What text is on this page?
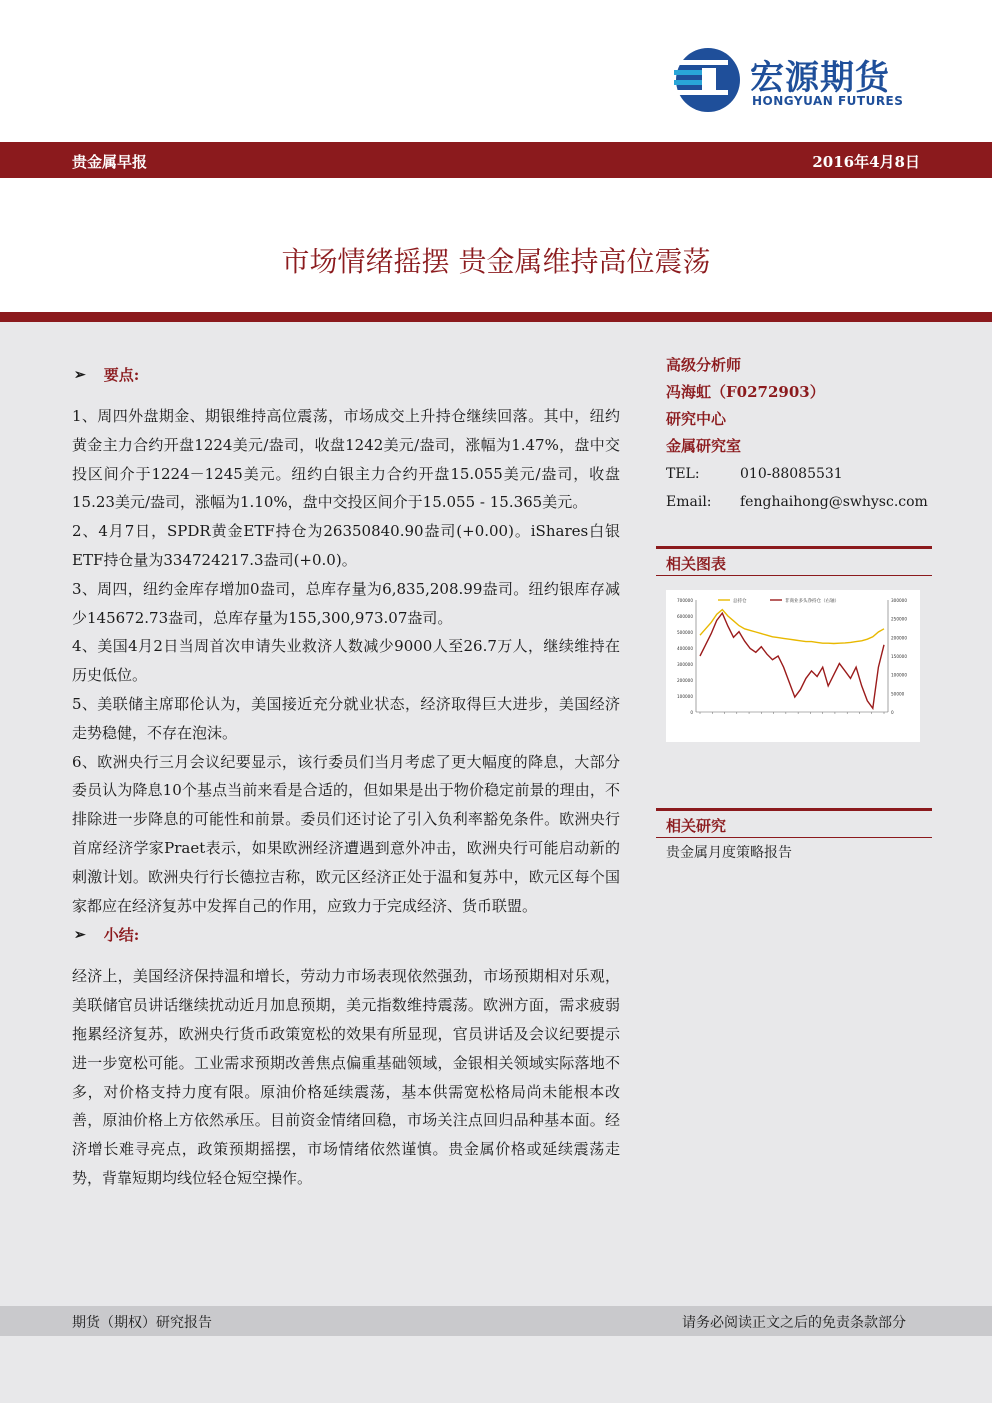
宏源期货
HONGYUAN FUTURES
贵金属早报	2016年4月8日
市场情绪摇摆 贵金属维持高位震荡
➢ 要点:

1、周四外盘期金、期银维持高位震荡，市场成交上升持仓继续回落。其中，纽约黄金主力合约开盘1224美元/盎司，收盘1242美元/盎司，涨幅为1.47%，盘中交投区间介于1224－1245美元。纽约白银主力合约开盘15.055美元/盎司，收盘15.23美元/盎司，涨幅为1.10%，盘中交投区间介于15.055 - 15.365美元。

2、4月7日，SPDR黄金ETF持仓为26350840.90盎司(+0.00)。iShares白银ETF持仓量为334724217.3盎司(+0.0)。

3、周四，纽约金库存增加0盎司，总库存量为6,835,208.99盎司。纽约银库存减少145672.73盎司，总库存量为155,300,973.07盎司。

4、美国4月2日当周首次申请失业救济人数减少9000人至26.7万人，继续维持在历史低位。

5、美联储主席耶伦认为，美国接近充分就业状态，经济取得巨大进步，美国经济走势稳健，不存在泡沫。

6、欧洲央行三月会议纪要显示，该行委员们当月考虑了更大幅度的降息，大部分委员认为降息10个基点当前来看是合适的，但如果是出于物价稳定前景的理由，不排除进一步降息的可能性和前景。委员们还讨论了引入负利率豁免条件。欧洲央行首席经济学家Praet表示，如果欧洲经济遭遇到意外冲击，欧洲央行可能启动新的刺激计划。欧洲央行行长德拉吉称，欧元区经济正处于温和复苏中，欧元区每个国家都应在经济复苏中发挥自己的作用，应致力于完成经济、货币联盟。

➢ 小结:

经济上，美国经济保持温和增长，劳动力市场表现依然强劲，市场预期相对乐观，美联储官员讲话继续扰动近月加息预期，美元指数维持震荡。欧洲方面，需求疲弱拖累经济复苏，欧洲央行货币政策宽松的效果有所显现，官员讲话及会议纪要提示进一步宽松可能。工业需求预期改善焦点偏重基础领域，金银相关领域实际落地不多，对价格支持力度有限。原油价格延续震荡，基本供需宽松格局尚未能根本改善，原油价格上方依然承压。目前资金情绪回稳，市场关注点回归品种基本面。经济增长难寻亮点，政策预期摇摆，市场情绪依然谨慎。贵金属价格或延续震荡走势，背靠短期均线位轻仓短空操作。

高级分析师
冯海虹（F0272903）
研究中心
金属研究室
TEL:	010-88085531
Email:	fenghaihong@swhysc.com
相关图表
0
100000
200000
300000
400000
500000
600000
700000
0
50000
100000
150000
200000
250000
300000
总持仓	非商业多头净持仓（右轴）
相关研究
贵金属月度策略报告
期货（期权）研究报告	请务必阅读正文之后的免责条款部分
